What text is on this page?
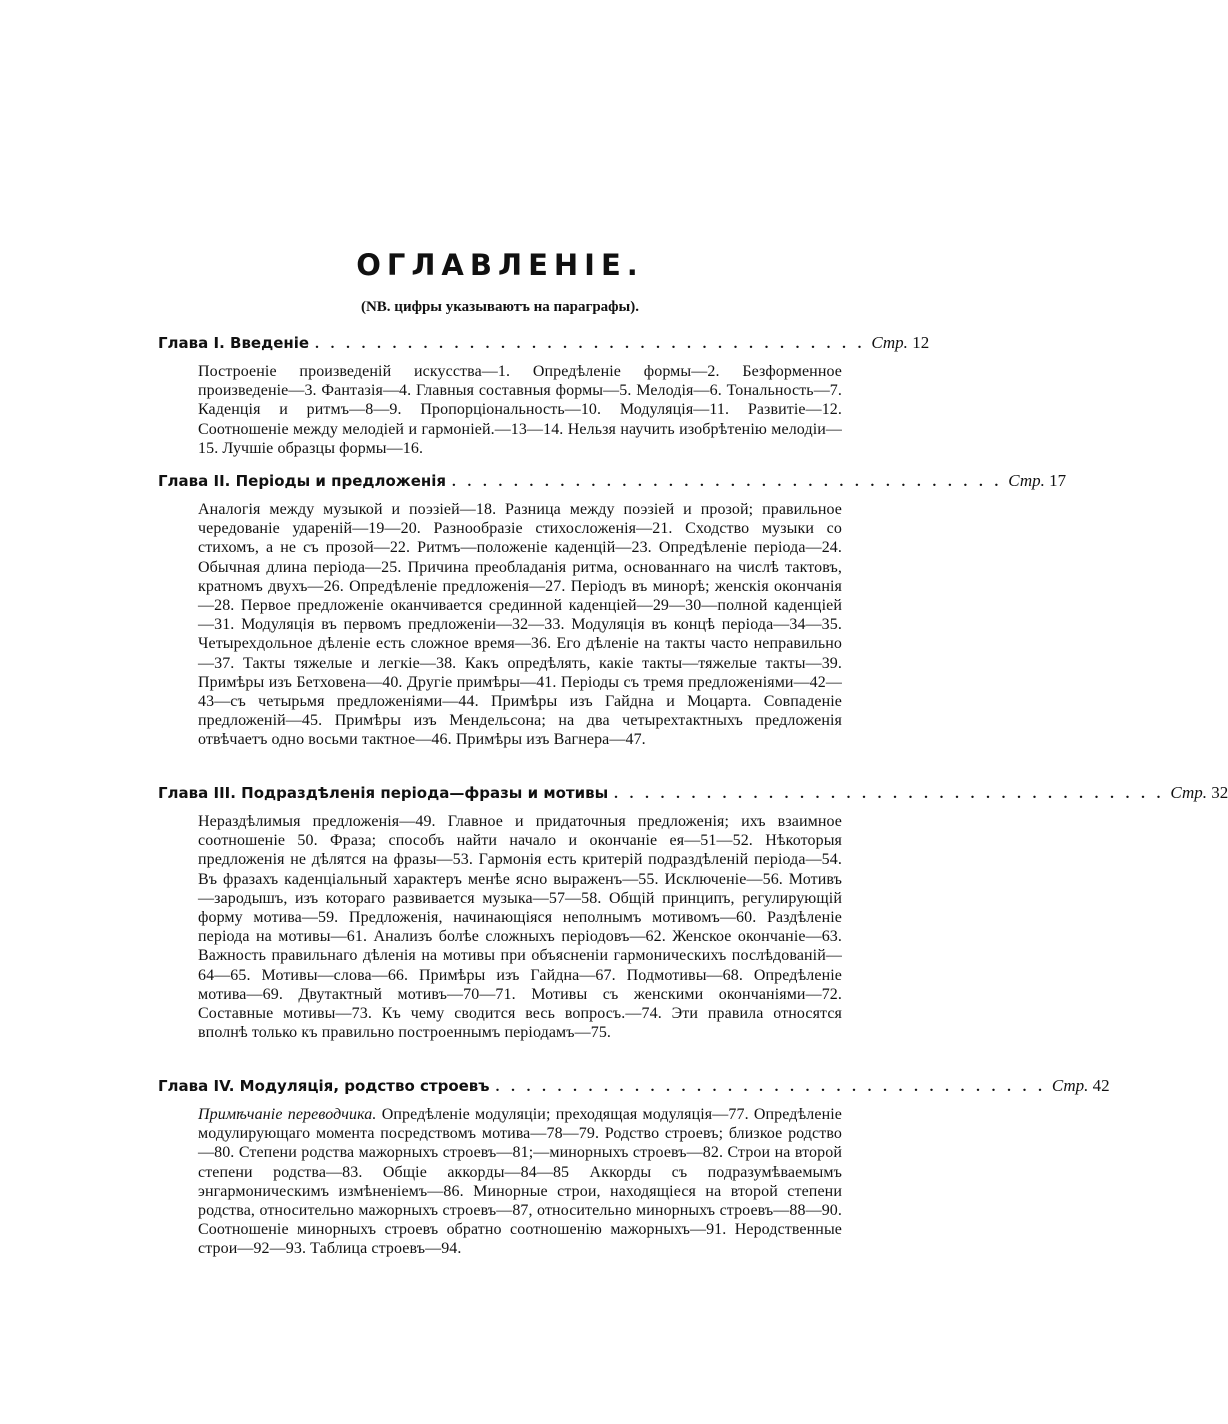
ОГЛАВЛЕНІЕ.
(NB. цифры указываютъ на параграфы).
Глава I. Введеніе . . . . . . . . . . . . . . . . . . . . . . . . . . . . . . . . . . . . Стр. 12
Построеніе произведеній искусства—1. Опредѣленіе формы—2. Безформенное произведеніе—3. Фантазія—4. Главныя составныя формы—5. Мелодія—6. Тональность—7. Каденція и ритмъ—8—9. Пропорціональность—10. Модуляція—11. Развитіе—12. Соотношеніе между мелодіей и гармоніей.—13—14. Нельзя научить изобрѣтенію мелодіи—15. Лучшіе образцы формы—16.
Глава II. Періоды и предложенія . . . . . . . . . . . . . . . . . . . . . . . . . . . . . . . . . . . . Стр. 17
Аналогія между музыкой и поэзіей—18. Разница между поэзіей и прозой; правильное чередованіе удареній—19—20. Разнообразіе стихосложенія—21. Сходство музыки со стихомъ, а не съ прозой—22. Ритмъ—положеніе каденцій—23. Опредѣленіе періода—24. Обычная длина періода—25. Причина преобладанія ритма, основаннаго на числѣ тактовъ, кратномъ двухъ—26. Опредѣленіе предложенія—27. Періодъ въ минорѣ; женскія окончанія—28. Первое предложеніе оканчивается срединной каденціей—29—30—полной каденціей—31. Модуляція въ первомъ предложеніи—32—33. Модуляція въ концѣ періода—34—35. Четырехдольное дѣленіе есть сложное время—36. Его дѣленіе на такты часто неправильно—37. Такты тяжелые и легкіе—38. Какъ опредѣлять, какіе такты—тяжелые такты—39. Примѣры изъ Бетховена—40. Другіе примѣры—41. Періоды съ тремя предложеніями—42—43—съ четырьмя предложеніями—44. Примѣры изъ Гайдна и Моцарта. Совпаденіе предложеній—45. Примѣры изъ Мендельсона; на два четырехтактныхъ предложенія отвѣчаетъ одно восьми тактное—46. Примѣры изъ Вагнера—47.
Глава III. Подраздѣленія періода—фразы и мотивы . . . . . . . . . . . . . . . . . . . . . . . . . . . . . . . . . . . . Стр. 32
Нераздѣлимыя предложенія—49. Главное и придаточныя предложенія; ихъ взаимное соотношеніе 50. Фраза; способъ найти начало и окончаніе ея—51—52. Нѣкоторыя предложенія не дѣлятся на фразы—53. Гармонія есть критерій подраздѣленій періода—54. Въ фразахъ каденціальный характеръ менѣе ясно выраженъ—55. Исключеніе—56. Мотивъ—зародышъ, изъ котораго развивается музыка—57—58. Общій принципъ, регулирующій форму мотива—59. Предложенія, начинающіяся неполнымъ мотивомъ—60. Раздѣленіе періода на мотивы—61. Анализъ болѣе сложныхъ періодовъ—62. Женское окончаніе—63. Важность правильнаго дѣленія на мотивы при объясненіи гармоническихъ послѣдованій—64—65. Мотивы—слова—66. Примѣры изъ Гайдна—67. Подмотивы—68. Опредѣленіе мотива—69. Двутактный мотивъ—70—71. Мотивы съ женскими окончаніями—72. Составные мотивы—73. Къ чему сводится весь вопросъ.—74. Эти правила относятся вполнѣ только къ правильно построеннымъ періодамъ—75.
Глава IV. Модуляція, родство строевъ . . . . . . . . . . . . . . . . . . . . . . . . . . . . . . . . . . . . Стр. 42
Примѣчаніе переводчика. Опредѣленіе модуляціи; преходящая модуляція—77. Опредѣленіе модулирующаго момента посредствомъ мотива—78—79. Родство строевъ; близкое родство—80. Степени родства мажорныхъ строевъ—81;—минорныхъ строевъ—82. Строи на второй степени родства—83. Общіе аккорды—84—85 Аккорды съ подразумѣваемымъ энгармоническимъ измѣненіемъ—86. Минорные строи, находящіеся на второй степени родства, относительно мажорныхъ строевъ—87, относительно минорныхъ строевъ—88—90. Соотношеніе минорныхъ строевъ обратно соотношенію мажорныхъ—91. Неродственные строи—92—93. Таблица строевъ—94.
